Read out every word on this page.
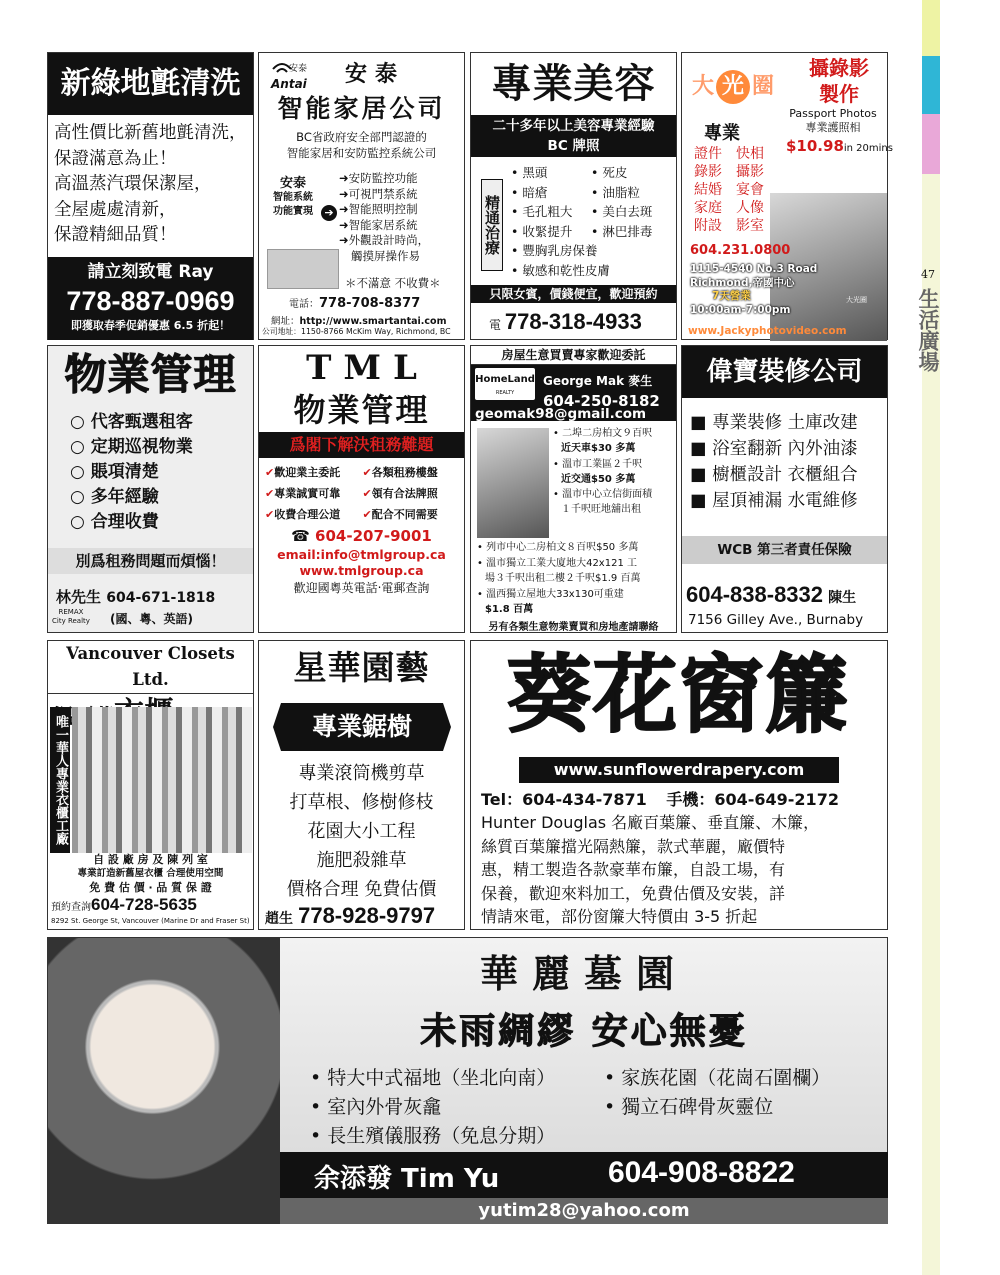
47
生活廣場
新綠地氈清洗
高性價比新舊地氈清洗，
保證滿意為止！
高溫蒸汽環保潔屋，
全屋處處清新，
保證精細品質！
請立刻致電 Ray
778-887-0969
即獲取春季促銷優惠 6.5 折起！
安泰
Antai 安泰
智能家居公司
BC省政府安全部門認證的
智能家居和安防監控系統公司
安泰
智能系統
功能實現	➔
➜安防監控功能
➜可視門禁系統
➜智能照明控制
➜智能家居系統
➜外觀設計時尚，
觸摸屏操作易
＊不滿意 不收費＊
電話：778-708-8377
網址：http://www.smartantai.com
公司地址：1150-8766 McKim Way, Richmond, BC
專業美容
二十多年以上美容專業經驗
BC 牌照
精通治療
• 黑頭	• 死皮
• 暗瘡	• 油脂粒
• 毛孔粗大	• 美白去斑
• 收緊提升	• 淋巴排毒
• 豐胸乳房保養
• 敏感和乾性皮膚
只限女賓，價錢便宜，歡迎預約
電 778-318-4933
大 光 圈
攝錄影
製作
Passport Photos
專業護照相
$10.98in 20mins
專業
證件	快相
錄影	攝影
結婚	宴會
家庭	人像
附設	影室
604.231.0800
1115-4540 No.3 Road
Richmond,帝國中心
7天營業
10:00am-7:00pm
大光圈
www.Jackyphotovideo.com
物業管理
○ 代客甄選租客
○ 定期巡視物業
○ 賬項清楚
○ 多年經驗
○ 合理收費
別爲租務問題而煩惱！
林先生 604-671-1818
REMAX
City Realty (國、粵、英語)
TML
物業管理
爲閣下解決租務難題
✔歡迎業主委託	✔各類租務樓盤
✔專業誠實可靠	✔領有合法牌照
✔收費合理公道	✔配合不同需要
☎ 604-207-9001
email:info@tmlgroup.ca
www.tmlgroup.ca
歡迎國粵英電話‧電郵查詢
房屋生意買賣專家歡迎委託
HomeLand
REALTY
George Mak 麥生
604-250-8182
geomak98@gmail.com
• 二埠二房柏文９百呎
近天車$30 多萬
• 溫市工業區２千呎
近交通$50 多萬
• 溫市中心立信街面積
１千呎旺地舖出租
• 列市中心二房柏文８百呎$50 多萬
• 溫市獨立工業大廈地大42x121 工
場３千呎出租二樓２千呎$1.9 百萬
• 溫西獨立屋地大33x130可重建
$1.8 百萬
另有各類生意物業賣買和房地產請聯絡
偉寶裝修公司
■ 專業裝修 土庫改建
■ 浴室翻新 內外油漆
■ 櫥櫃設計 衣櫃組合
■ 屋頂補漏 水電維修
WCB 第三者責任保險
604-838-8332 陳生
7156 Gilley Ave., Burnaby
Vancouver Closets Ltd.
唯一華人專業衣櫃工廠
自 設 廠 房 及 陳 列 室
專業訂造新舊屋衣櫃 合理使用空間
免 費 估 價 ‧ 品 質 保 證
預約查詢604-728-5635
8292 St. George St, Vancouver (Marine Dr and Fraser St)
星華園藝
專業鋸樹
專業滾筒機剪草
打草根、修樹修枝
花園大小工程
施肥殺雜草
價格合理 免費估價
趙生 778-928-9797
葵花窗簾
www.sunflowerdrapery.com
Tel：604-434-7871 手機：604-649-2172
Hunter Douglas 名廠百葉簾、垂直簾、木簾，
絲質百葉簾擋光隔熱簾，款式華麗，廠價特
惠，精工製造各款豪華布簾，自設工場，有
保養，歡迎來料加工，免費估價及安裝，詳
情請來電，部份窗簾大特價由 3-5 折起
華麗墓園
未雨綢繆 安心無憂
• 特大中式福地（坐北向南）
• 室內外骨灰龕
• 長生殯儀服務（免息分期）
• 家族花園（花崗石圍欄）
• 獨立石碑骨灰靈位
余添發 Tim Yu	604-908-8822
yutim28@yahoo.com
